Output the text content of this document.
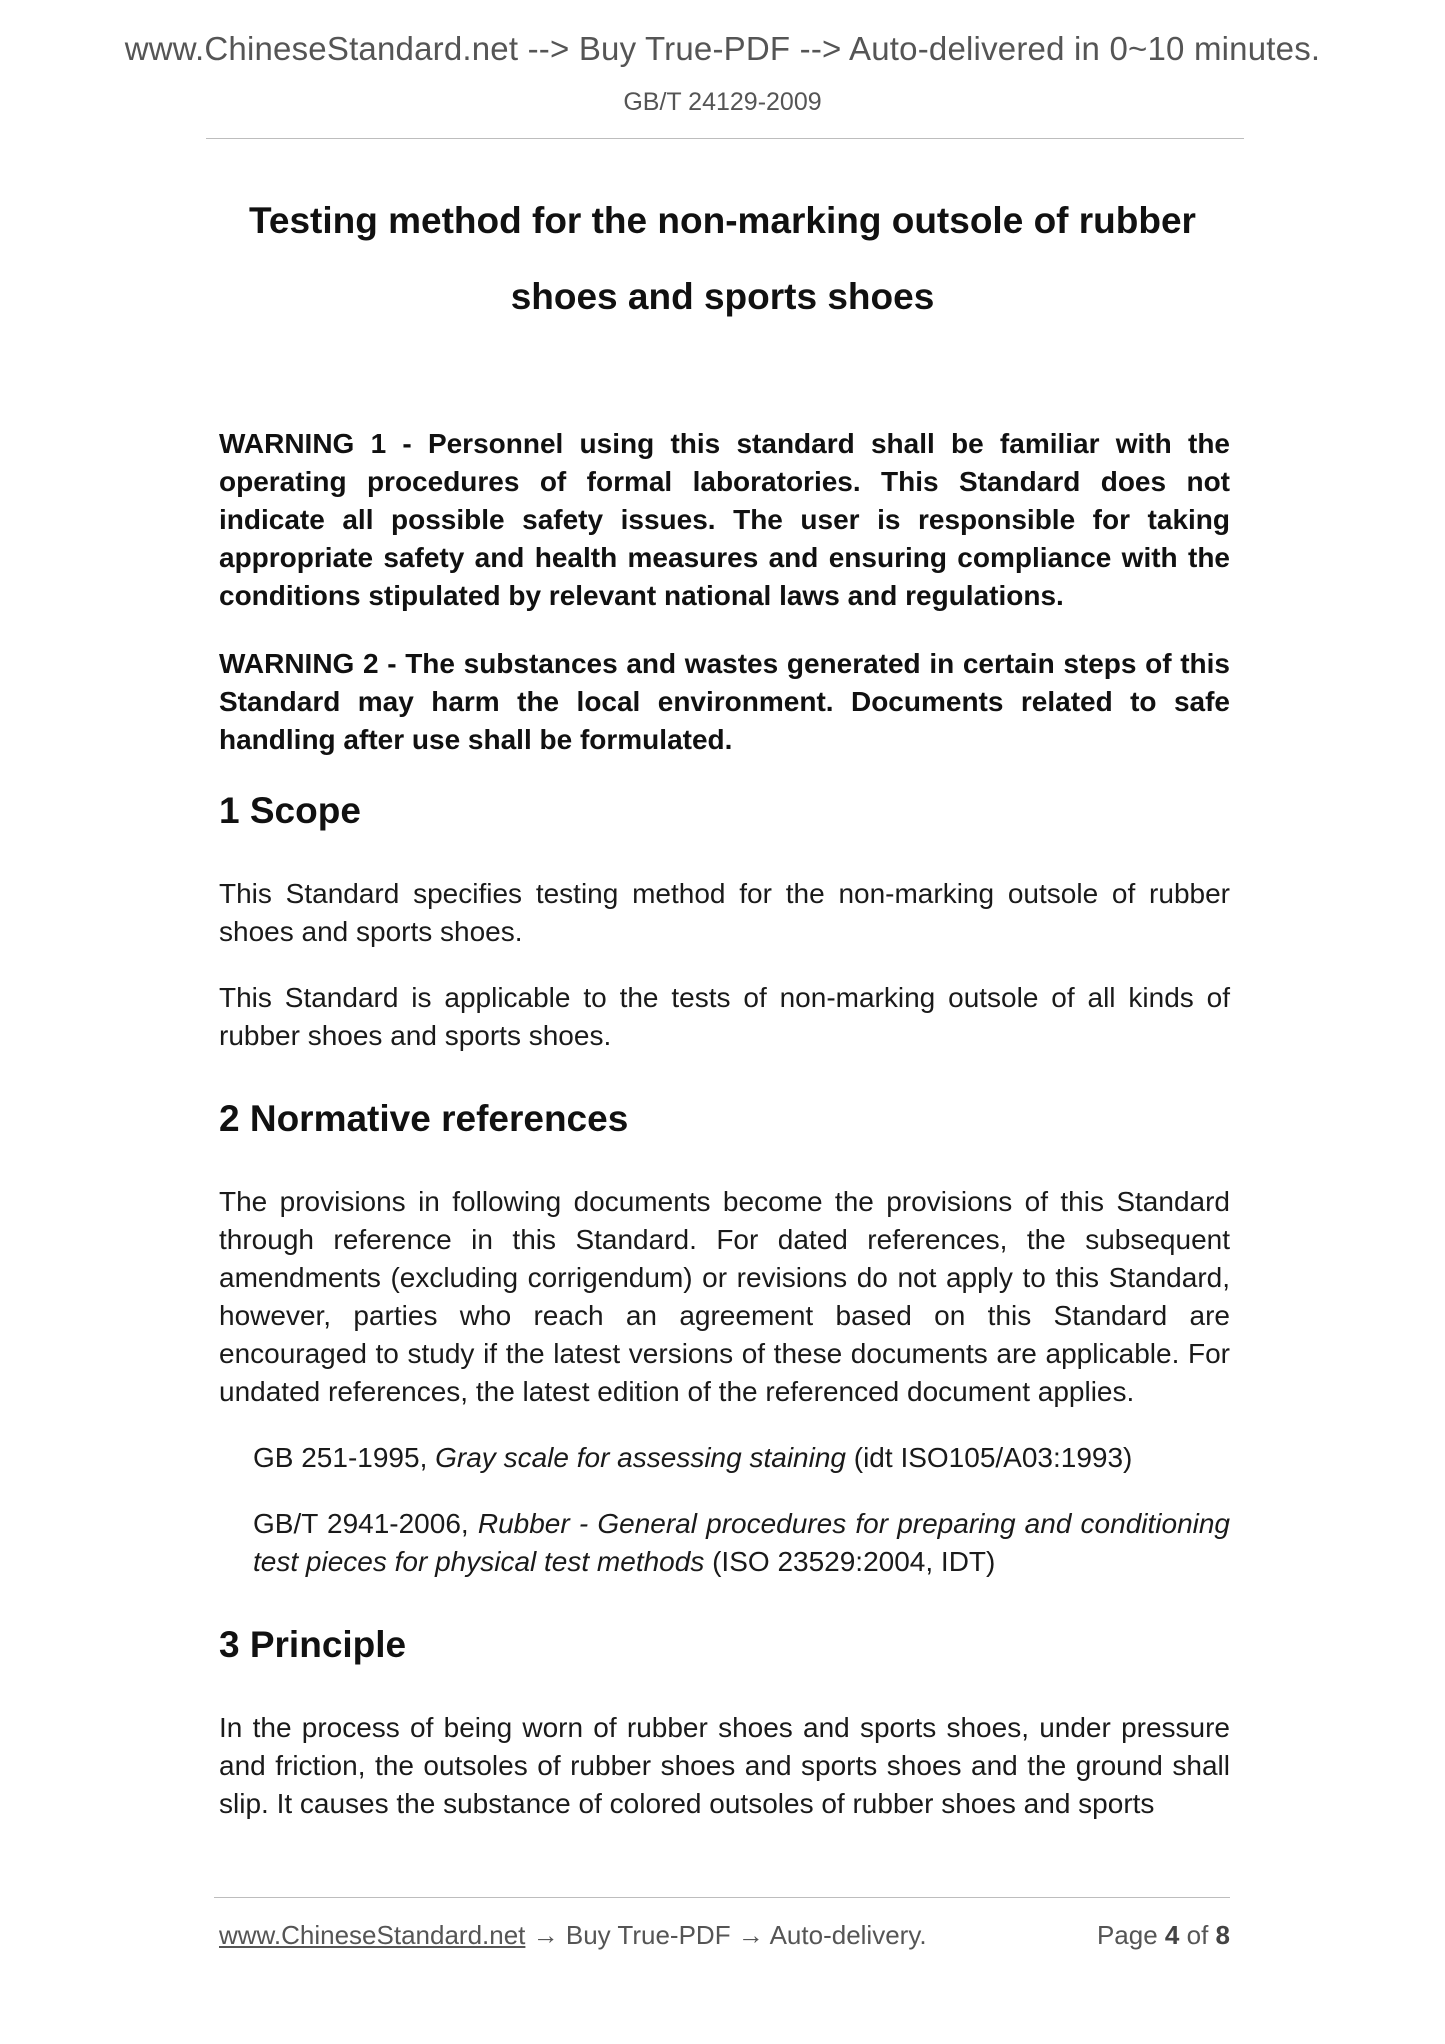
www.ChineseStandard.net --> Buy True-PDF --> Auto-delivered in 0~10 minutes.
GB/T 24129-2009
Testing method for the non-marking outsole of rubber
shoes and sports shoes

WARNING 1 - Personnel using this standard shall be familiar with the operating procedures of formal laboratories. This Standard does not indicate all possible safety issues. The user is responsible for taking appropriate safety and health measures and ensuring compliance with the conditions stipulated by relevant national laws and regulations.

WARNING 2 - The substances and wastes generated in certain steps of this Standard may harm the local environment. Documents related to safe handling after use shall be formulated.

1 Scope

This Standard specifies testing method for the non-marking outsole of rubber shoes and sports shoes.

This Standard is applicable to the tests of non-marking outsole of all kinds of rubber shoes and sports shoes.

2 Normative references

The provisions in following documents become the provisions of this Standard through reference in this Standard. For dated references, the subsequent amendments (excluding corrigendum) or revisions do not apply to this Standard, however, parties who reach an agreement based on this Standard are encouraged to study if the latest versions of these documents are applicable. For undated references, the latest edition of the referenced document applies.

GB 251-1995, Gray scale for assessing staining (idt ISO105/A03:1993)

GB/T 2941-2006, Rubber - General procedures for preparing and conditioning test pieces for physical test methods (ISO 23529:2004, IDT)

3 Principle

In the process of being worn of rubber shoes and sports shoes, under pressure and friction, the outsoles of rubber shoes and sports shoes and the ground shall slip. It causes the substance of colored outsoles of rubber shoes and sports

www.ChineseStandard.net → Buy True-PDF → Auto-delivery.	Page 4 of 8
